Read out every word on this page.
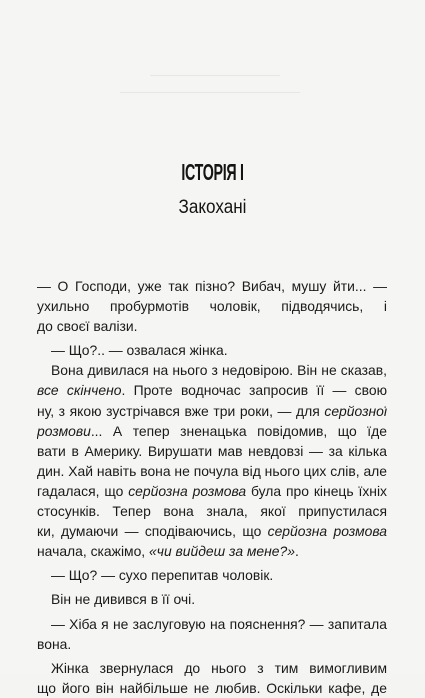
ІСТОРІЯ І
Закохані
— О Господи, уже так пізно? Вибач, мушу йти... —
ухильно пробурмотів чоловік, підводячись, і
до своєї валізи.
— Що?.. — озвалася жінка.
Вона дивилася на нього з недовірою. Він не сказав,
все скінчено. Проте водночас запросив її — свою
ну, з якою зустрічався вже три роки, — для серйозної
розмови... А тепер зненацька повідомив, що їде
вати в Америку. Вирушати мав невдовзі — за кілька
дин. Хай навіть вона не почула від нього цих слів, але
гадалася, що серйозна розмова була про кінець їхніх
стосунків. Тепер вона знала, якої припустилася
ки, думаючи — сподіваючись, що серйозна розмова
начала, скажімо, «чи вийдеш за мене?».
— Що? — сухо перепитав чоловік.
Він не дивився в її очі.
— Хіба я не заслуговую на пояснення? — запитала
вона.
Жінка звернулася до нього з тим вимогливим
що його він найбільше не любив. Оскільки кафе, де
